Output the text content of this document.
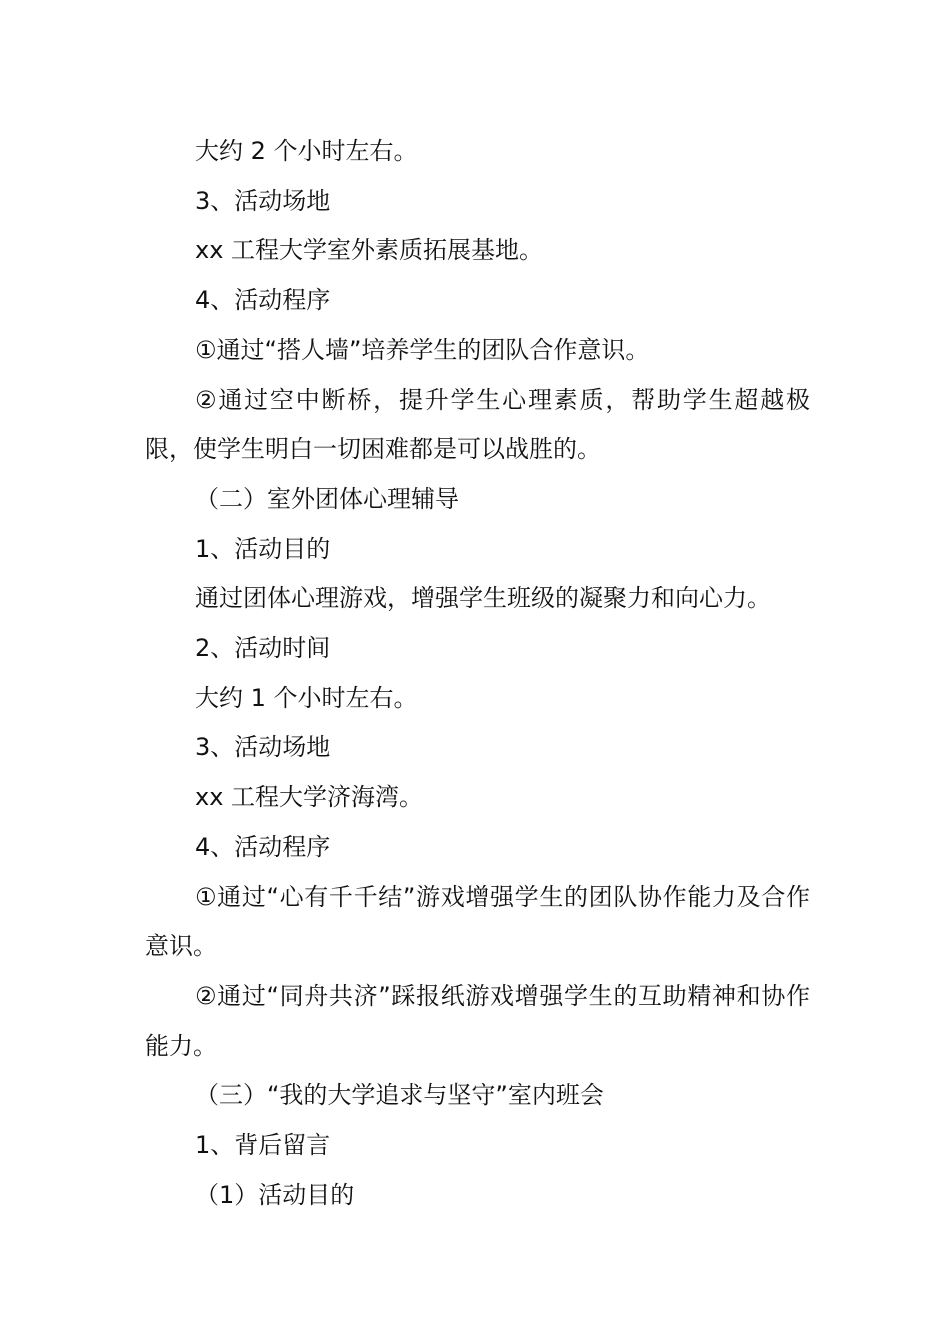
大约 2 个小时左右。

3、活动场地

xx 工程大学室外素质拓展基地。

4、活动程序

①通过“搭人墙”培养学生的团队合作意识。

②通过空中断桥，提升学生心理素质，帮助学生超越极限，使学生明白一切困难都是可以战胜的。

（二）室外团体心理辅导

1、活动目的

通过团体心理游戏，增强学生班级的凝聚力和向心力。

2、活动时间

大约 1 个小时左右。

3、活动场地

xx 工程大学济海湾。

4、活动程序

①通过“心有千千结”游戏增强学生的团队协作能力及合作意识。

②通过“同舟共济”踩报纸游戏增强学生的互助精神和协作能力。

（三）“我的大学追求与坚守”室内班会

1、背后留言

（1）活动目的
